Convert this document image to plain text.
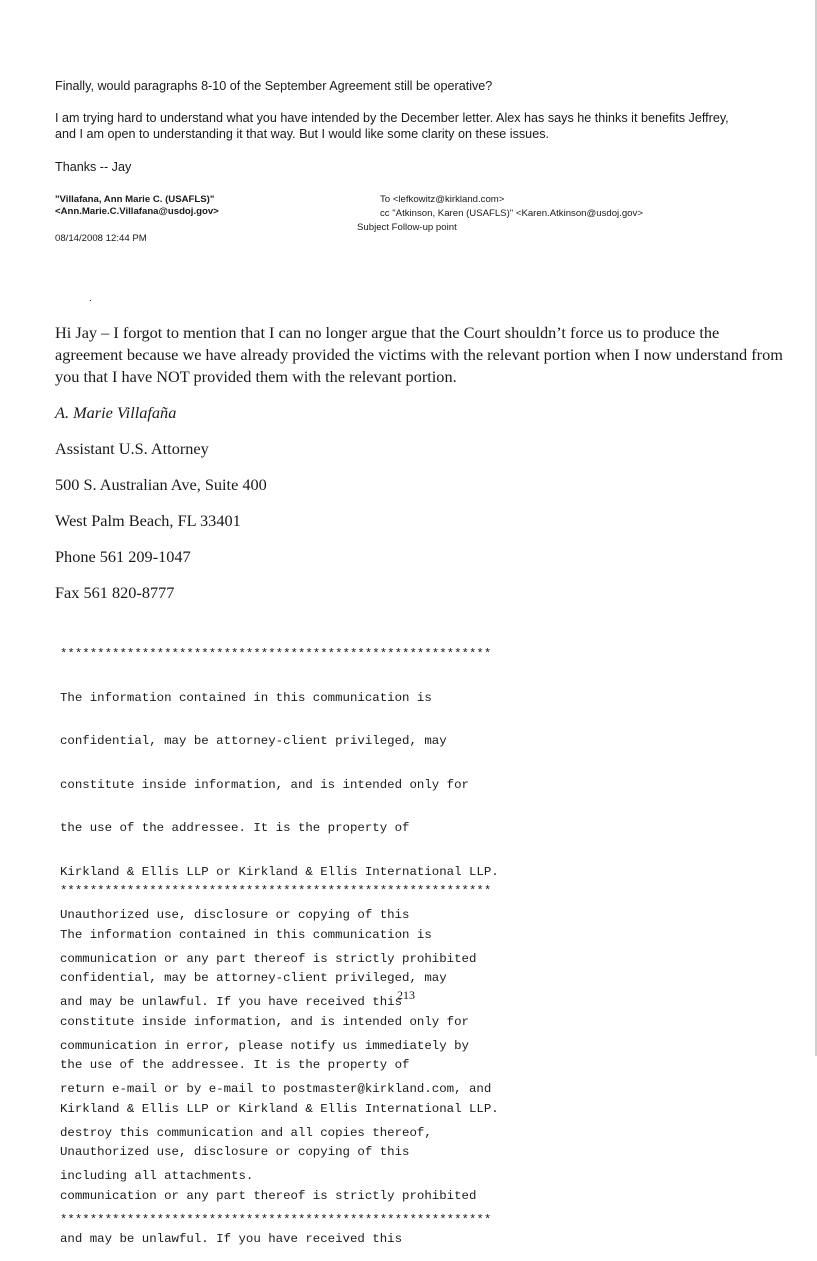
Finally, would paragraphs 8-10 of the September Agreement still be operative?
I am trying hard to understand what you have intended by the December letter. Alex has says he thinks it benefits Jeffrey,
and I am open to understanding it that way. But I would like some clarity on these issues.
Thanks -- Jay
"Villafana, Ann Marie C. (USAFLS)"
<Ann.Marie.C.Villafana@usdoj.gov>
08/14/2008 12:44 PM
To <lefkowitz@kirkland.com>
cc "Atkinson, Karen (USAFLS)" <Karen.Atkinson@usdoj.gov>
Subject Follow-up point
.
Hi Jay – I forgot to mention that I can no longer argue that the Court shouldn’t force us to produce the
agreement because we have already provided the victims with the relevant portion when I now understand from
you that I have NOT provided them with the relevant portion.
A. Marie Villafaña
Assistant U.S. Attorney
500 S. Australian Ave, Suite 400
West Palm Beach, FL 33401
Phone 561 209-1047
Fax 561 820-8777

**********************************************************

The information contained in this communication is

confidential, may be attorney-client privileged, may

constitute inside information, and is intended only for

the use of the addressee. It is the property of

Kirkland & Ellis LLP or Kirkland & Ellis International LLP.

Unauthorized use, disclosure or copying of this

communication or any part thereof is strictly prohibited

and may be unlawful. If you have received this

communication in error, please notify us immediately by

return e-mail or by e-mail to postmaster@kirkland.com, and

destroy this communication and all copies thereof,

including all attachments.

**********************************************************

**********************************************************

The information contained in this communication is

confidential, may be attorney-client privileged, may

constitute inside information, and is intended only for

the use of the addressee. It is the property of

Kirkland & Ellis LLP or Kirkland & Ellis International LLP.

Unauthorized use, disclosure or copying of this

communication or any part thereof is strictly prohibited

and may be unlawful. If you have received this

213
